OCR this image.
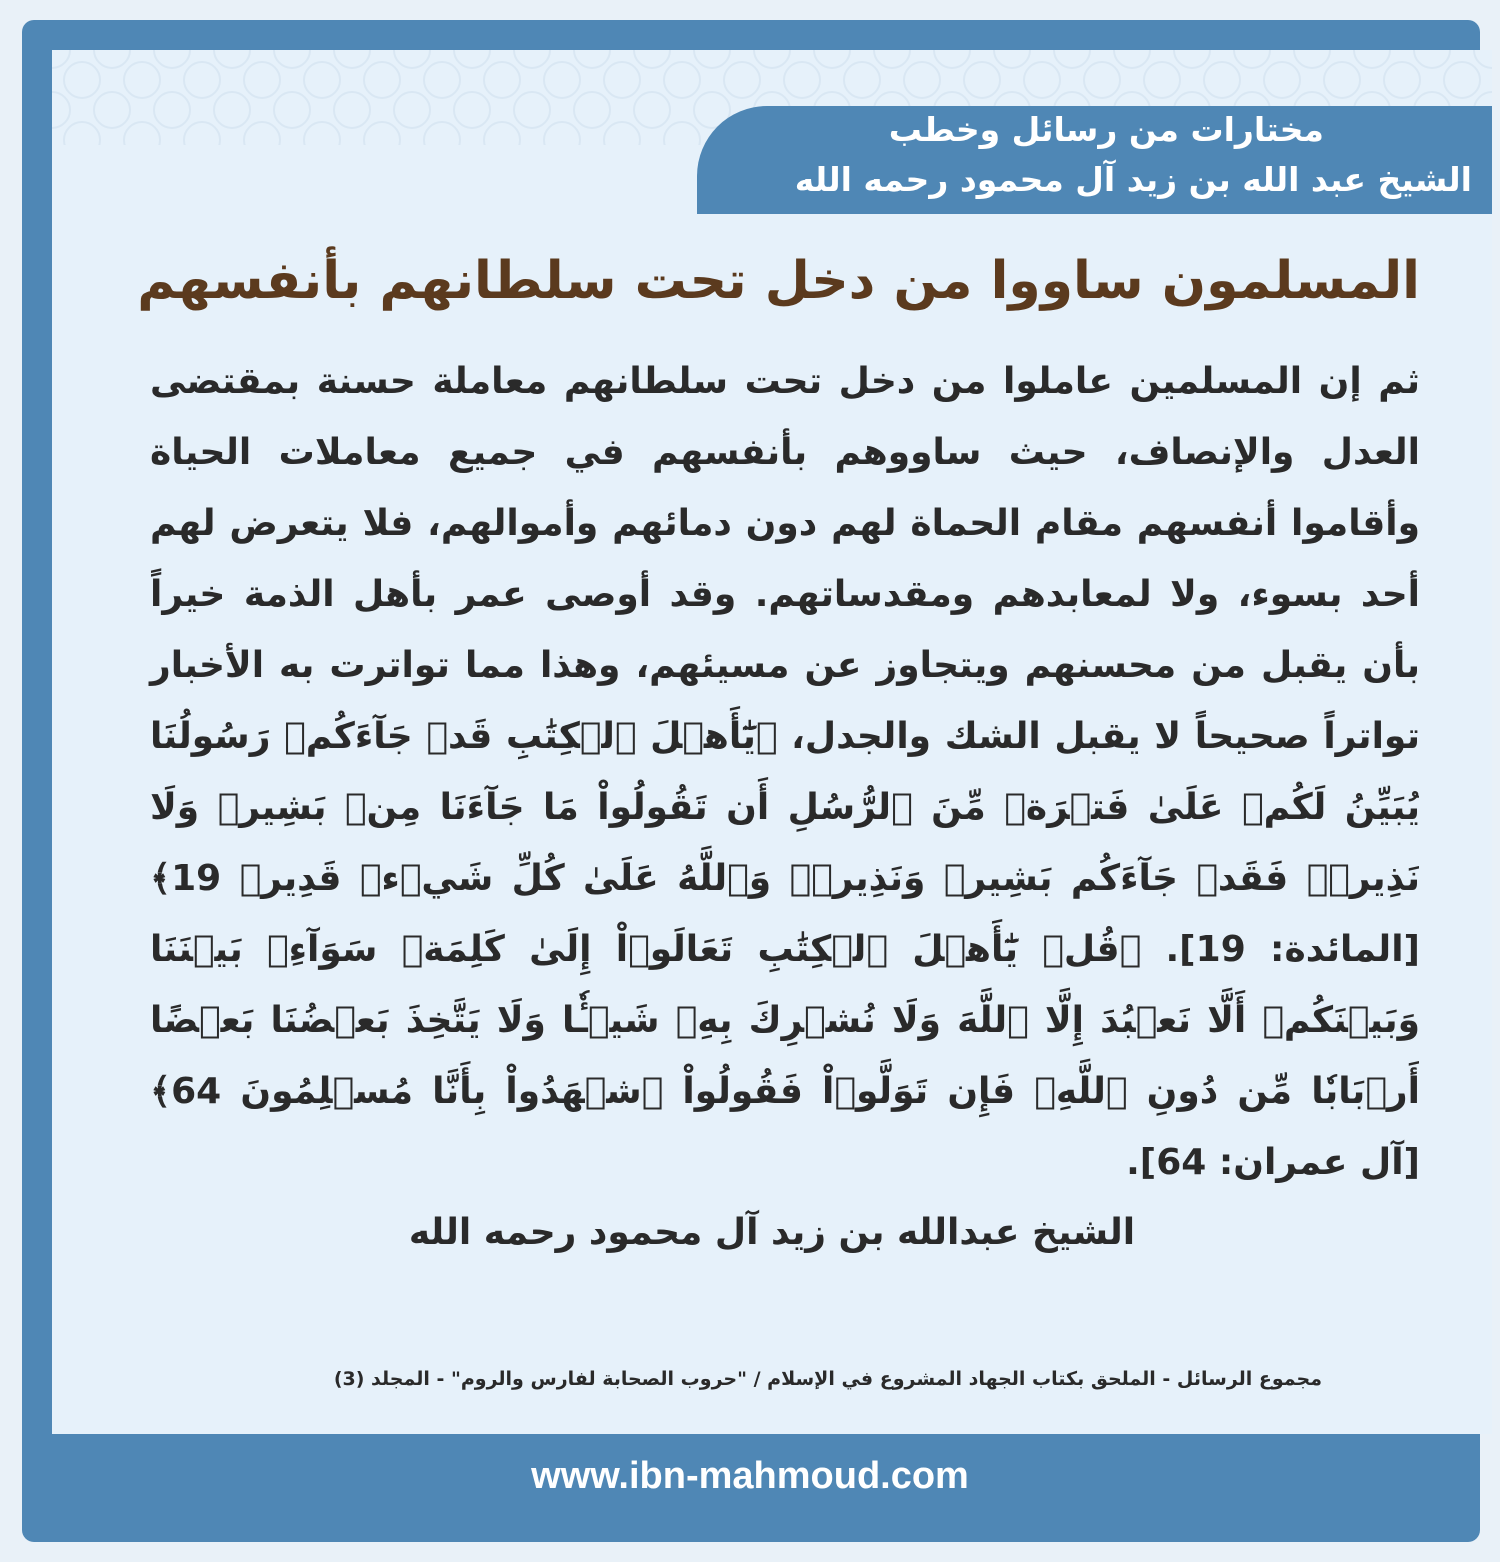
مختارات من رسائل وخطب
الشيخ عبد الله بن زيد آل محمود رحمه الله
المسلمون ساووا من دخل تحت سلطانهم بأنفسهم
ثم إن المسلمين عاملوا من دخل تحت سلطانهم معاملة حسنة بمقتضى العدل والإنصاف، حيث ساووهم بأنفسهم في جميع معاملات الحياة وأقاموا أنفسهم مقام الحماة لهم دون دمائهم وأموالهم، فلا يتعرض لهم أحد بسوء، ولا لمعابدهم ومقدساتهم. وقد أوصى عمر بأهل الذمة خيراً بأن يقبل من محسنهم ويتجاوز عن مسيئهم، وهذا مما تواترت به الأخبار تواتراً صحيحاً لا يقبل الشك والجدل، ﴿يَٰٓأَهۡلَ ٱلۡكِتَٰبِ قَدۡ جَآءَكُمۡ رَسُولُنَا يُبَيِّنُ لَكُمۡ عَلَىٰ فَتۡرَةٖ مِّنَ ٱلرُّسُلِ أَن تَقُولُواْ مَا جَآءَنَا مِنۢ بَشِيرٖ وَلَا نَذِيرٖۖ فَقَدۡ جَآءَكُم بَشِيرٞ وَنَذِيرٞۗ وَٱللَّهُ عَلَىٰ كُلِّ شَيۡءٖ قَدِيرٞ 19﴾ [المائدة: 19]. ﴿قُلۡ يَٰٓأَهۡلَ ٱلۡكِتَٰبِ تَعَالَوۡاْ إِلَىٰ كَلِمَةٖ سَوَآءِۭ بَيۡنَنَا وَبَيۡنَكُمۡ أَلَّا نَعۡبُدَ إِلَّا ٱللَّهَ وَلَا نُشۡرِكَ بِهِۦ شَيۡـٔٗا وَلَا يَتَّخِذَ بَعۡضُنَا بَعۡضًا أَرۡبَابٗا مِّن دُونِ ٱللَّهِۚ فَإِن تَوَلَّوۡاْ فَقُولُواْ ٱشۡهَدُواْ بِأَنَّا مُسۡلِمُونَ 64﴾ [آل عمران: 64].
الشيخ عبدالله بن زيد آل محمود رحمه الله
مجموع الرسائل - الملحق بكتاب الجهاد المشروع في الإسلام / "حروب الصحابة لفارس والروم" - المجلد (3)
www.ibn-mahmoud.com
